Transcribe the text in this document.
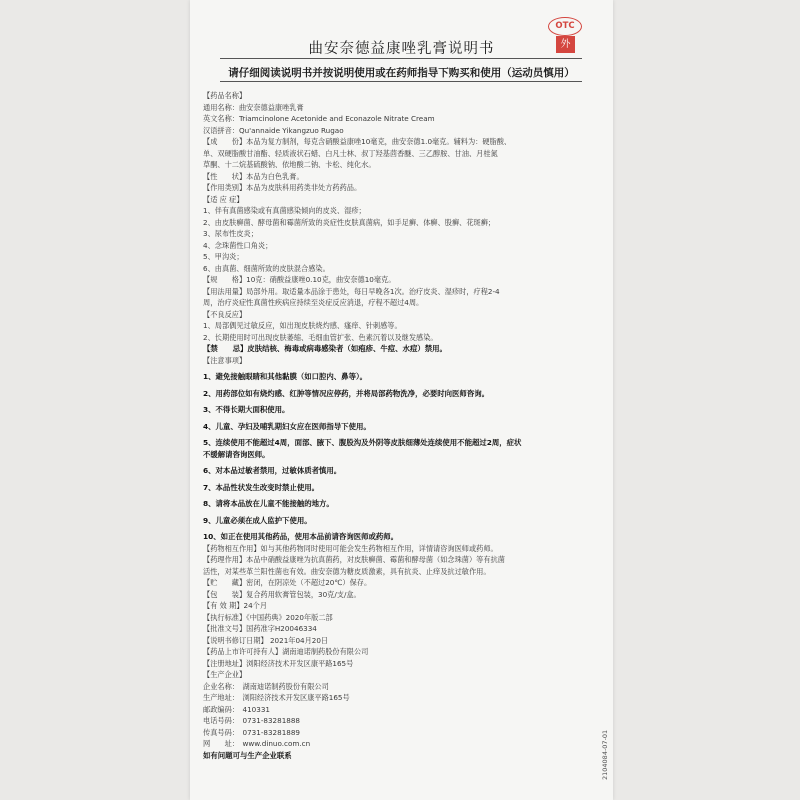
OTC
外
曲安奈德益康唑乳膏说明书
请仔细阅读说明书并按说明使用或在药师指导下购买和使用（运动员慎用）
【药品名称】
通用名称：曲安奈德益康唑乳膏
英文名称：Triamcinolone Acetonide and Econazole Nitrate Cream
汉语拼音：Qu'annaide Yikangzuo Rugao
【成　　份】本品为复方制剂，每克含硝酸益康唑10毫克，曲安奈德1.0毫克。辅料为：硬脂酸、
单、双硬脂酸甘油酯、轻质液状石蜡、白凡士林、叔丁羟基茴香醚、三乙醇胺、甘油、月桂氮
草酮、十二烷基硫酸钠、依地酸二钠、卡松、纯化水。
【性　　状】本品为白色乳膏。
【作用类别】本品为皮肤科用药类非处方药药品。
【适 应 症】
1、伴有真菌感染或有真菌感染倾向的皮炎、湿疹；
2、由皮肤癣菌、酵母菌和霉菌所致的炎症性皮肤真菌病，如手足癣、体癣、股癣、花斑癣；
3、尿布性皮炎；
4、念珠菌性口角炎；
5、甲沟炎；
6、由真菌、细菌所致的皮肤混合感染。
【规　　格】10克：硝酸益康唑0.10克，曲安奈德10毫克。
【用法用量】局部外用。取适量本品涂于患处，每日早晚各1次。治疗皮炎、湿疹时，疗程2-4
周，治疗炎症性真菌性疾病应持续至炎症反应消退，疗程不超过4周。
【不良反应】
1、局部偶见过敏反应，如出现皮肤烧灼感、瘙痒、针刺感等。
2、长期使用时可出现皮肤萎缩、毛细血管扩张、色素沉着以及继发感染。
【禁　　忌】皮肤结核、梅毒或病毒感染者（如疱疹、牛痘、水痘）禁用。
【注意事项】
1、避免接触眼睛和其他黏膜（如口腔内、鼻等）。
2、用药部位如有烧灼感、红肿等情况应停药，并将局部药物洗净，必要时向医师咨询。
3、不得长期大面积使用。
4、儿童、孕妇及哺乳期妇女应在医师指导下使用。
5、连续使用不能超过4周，面部、腋下、腹股沟及外阴等皮肤细薄处连续使用不能超过2周，症状
不缓解请咨询医师。
6、对本品过敏者禁用，过敏体质者慎用。
7、本品性状发生改变时禁止使用。
8、请将本品放在儿童不能接触的地方。
9、儿童必须在成人监护下使用。
10、如正在使用其他药品，使用本品前请咨询医师或药师。
【药物相互作用】如与其他药物同时使用可能会发生药物相互作用，详情请咨询医师或药师。
【药理作用】本品中硝酸益康唑为抗真菌药，对皮肤癣菌、霉菌和酵母菌（如念珠菌）等有抗菌
活性，对某些革兰阳性菌也有效。曲安奈德为糖皮质激素，具有抗炎、止痒及抗过敏作用。
【贮　　藏】密闭，在阴凉处（不超过20℃）保存。
【包　　装】复合药用软膏管包装，30克/支/盒。
【有 效 期】24个月
【执行标准】《中国药典》2020年版二部
【批准文号】国药准字H20046334
【说明书修订日期】 2021年04月20日
【药品上市许可持有人】湖南迪诺制药股份有限公司
【注册地址】浏阳经济技术开发区康平路165号
【生产企业】
企业名称：　湖南迪诺制药股份有限公司
生产地址：　浏阳经济技术开发区康平路165号
邮政编码：　410331
电话号码：　0731-83281888
传真号码：　0731-83281889
网　　址：　www.dinuo.com.cn
如有问题可与生产企业联系	2104084-07-01
